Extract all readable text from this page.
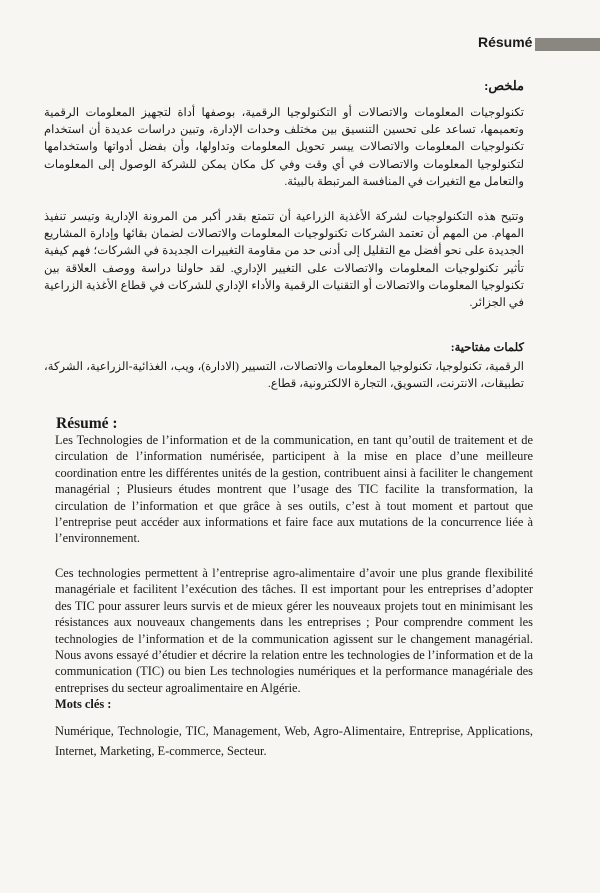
Résumé
ملخص:
تكنولوجيات المعلومات والاتصالات أو التكنولوجيا الرقمية، بوصفها أداة لتجهيز المعلومات الرقمية وتعميمها، تساعد على تحسين التنسيق بين مختلف وحدات الإدارة، وتبين دراسات عديدة أن استخدام تكنولوجيات المعلومات والاتصالات ييسر تحويل المعلومات وتداولها، وأن بفضل أدواتها واستخدامها لتكنولوجيا المعلومات والاتصالات في أي وقت وفي كل مكان يمكن للشركة الوصول إلى المعلومات والتعامل مع التغيرات في المنافسة المرتبطة بالبيئة.
وتتيح هذه التكنولوجيات لشركة الأغذية الزراعية أن تتمتع بقدر أكبر من المرونة الإدارية وتيسر تنفيذ المهام. من المهم أن تعتمد الشركات تكنولوجيات المعلومات والاتصالات لضمان بقائها وإدارة المشاريع الجديدة على نحو أفضل مع التقليل إلى أدنى حد من مقاومة التغييرات الجديدة في الشركات؛ فهم كيفية تأثير تكنولوجيات المعلومات والاتصالات على التغيير الإداري. لقد حاولنا دراسة ووصف العلاقة بين تكنولوجيا المعلومات والاتصالات أو التقنيات الرقمية والأداء الإداري للشركات في قطاع الأغذية الزراعية في الجزائر.
كلمات مفتاحية:
الرقمية، تكنولوجيا، تكنولوجيا المعلومات والاتصالات، التسيير (الادارة)، ويب، الغذائية-الزراعية، الشركة، تطبيقات، الانترنت، التسويق، التجارة الالكترونية، قطاع.
Résumé :
Les Technologies de l’information et de la communication, en tant qu’outil de traitement et de circulation de l’information numérisée, participent à la mise en place d’une meilleure coordination entre les différentes unités de la gestion, contribuent ainsi à faciliter le changement managérial ; Plusieurs études montrent que l’usage des TIC facilite la transformation, la circulation de l’information et que grâce à ses outils, c’est à tout moment et partout que l’entreprise peut accéder aux informations et faire face aux mutations de la concurrence liée à l’environnement.
Ces technologies permettent à l’entreprise agro-alimentaire d’avoir une plus grande flexibilité managériale et facilitent l’exécution des tâches. Il est important pour les entreprises d’adopter des TIC pour assurer leurs survis et de mieux gérer les nouveaux projets tout en minimisant les résistances aux nouveaux changements dans les entreprises ; Pour comprendre comment les technologies de l’information et de la communication agissent sur le changement managérial. Nous avons essayé d’étudier et décrire la relation entre les technologies de l’information et de la communication (TIC) ou bien Les technologies numériques et la performance managériale des entreprises du secteur agroalimentaire en Algérie.
Mots clés :
Numérique, Technologie, TIC, Management, Web, Agro-Alimentaire, Entreprise, Applications, Internet, Marketing, E-commerce, Secteur.
